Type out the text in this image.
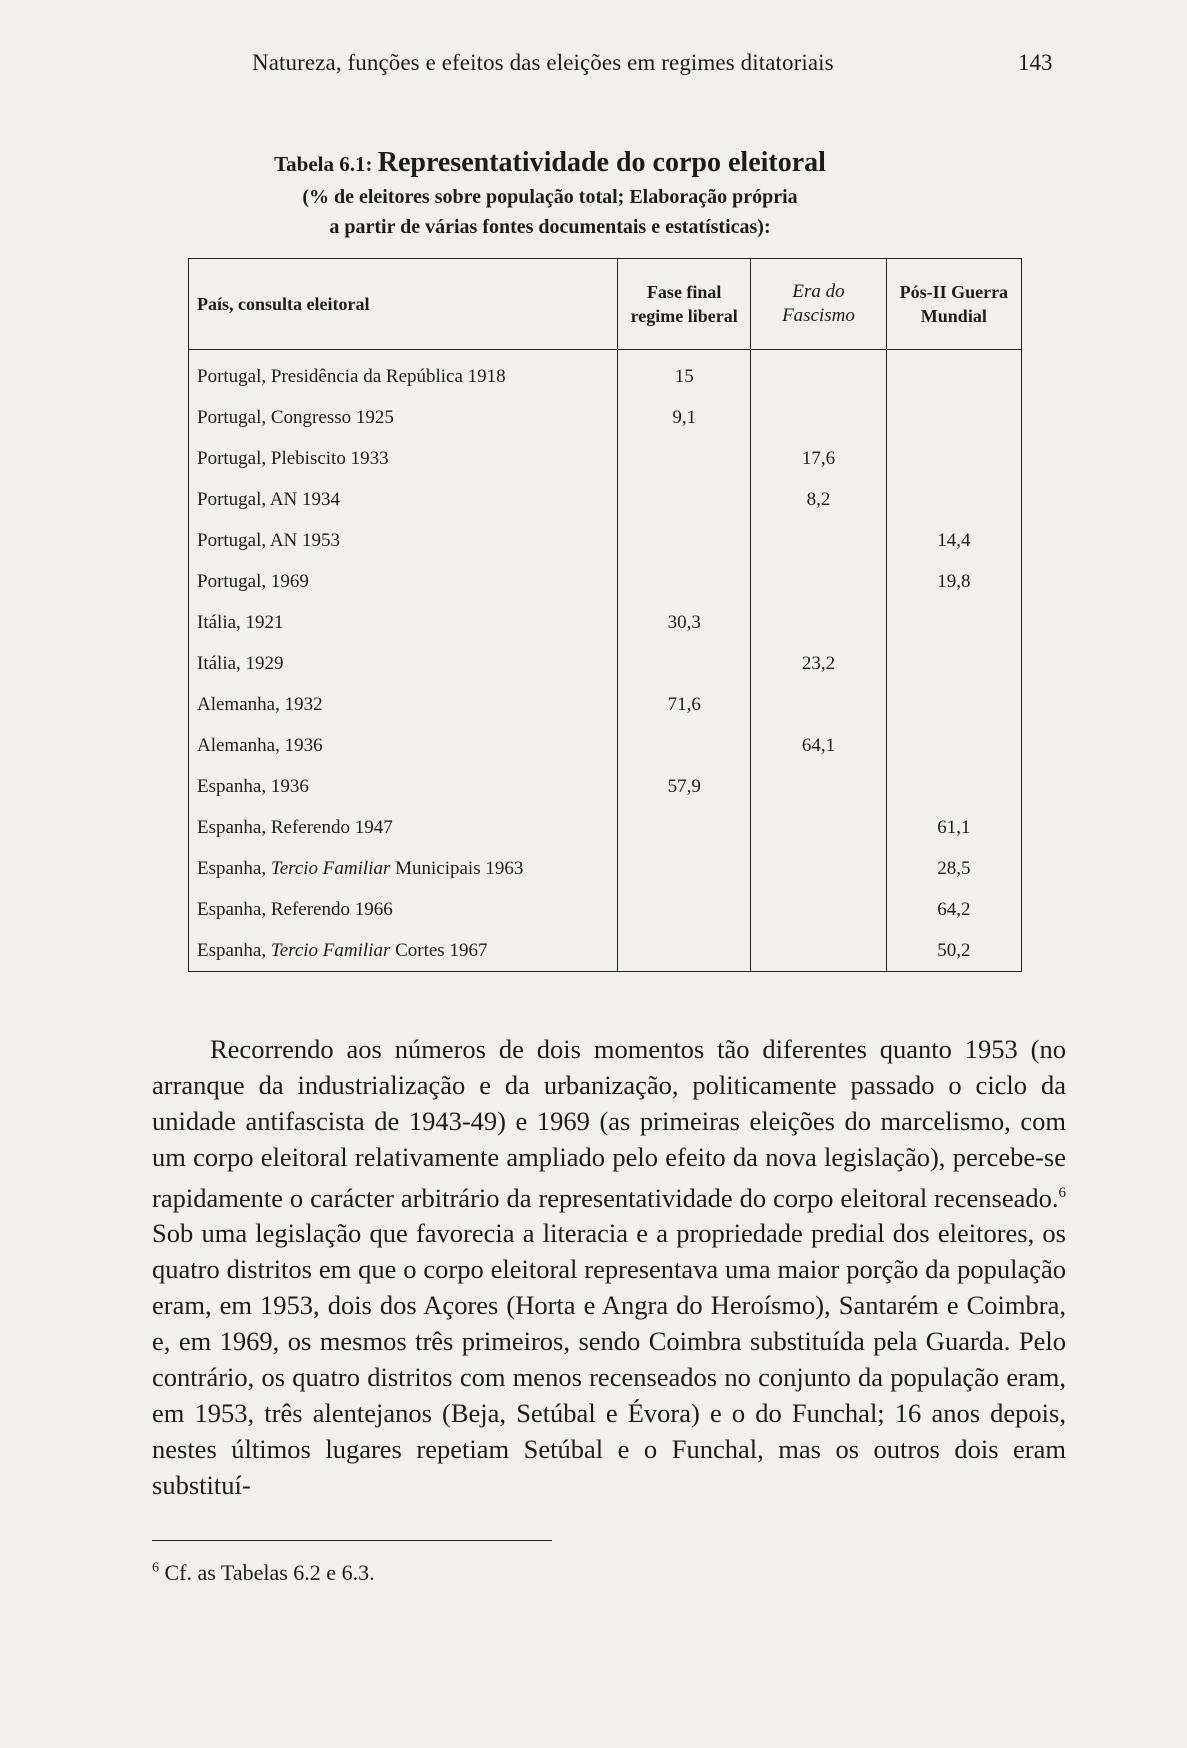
Natureza, funções e efeitos das eleições em regimes ditatoriais	143
Tabela 6.1: Representatividade do corpo eleitoral
(% de eleitores sobre população total; Elaboração própria
a partir de várias fontes documentais e estatísticas):
País, consulta eleitoral	Fase final regime liberal	Era do Fascismo	Pós-II Guerra Mundial
Portugal, Presidência da República 1918	15		
Portugal, Congresso 1925	9,1		
Portugal, Plebiscito 1933		17,6	
Portugal, AN 1934		8,2	
Portugal, AN 1953			14,4
Portugal, 1969			19,8
Itália, 1921	30,3		
Itália, 1929		23,2	
Alemanha, 1932	71,6		
Alemanha, 1936		64,1	
Espanha, 1936	57,9		
Espanha, Referendo 1947			61,1
Espanha, Tercio Familiar Municipais 1963			28,5
Espanha, Referendo 1966			64,2
Espanha, Tercio Familiar Cortes 1967			50,2

Recorrendo aos números de dois momentos tão diferentes quanto 1953 (no arranque da industrialização e da urbanização, politicamente passado o ciclo da unidade antifascista de 1943-49) e 1969 (as primeiras eleições do marcelismo, com um corpo eleitoral relativamente ampliado pelo efeito da nova legislação), percebe-se rapidamente o carácter arbitrário da representatividade do corpo eleitoral recenseado.$^6$ Sob uma legislação que favorecia a literacia e a propriedade predial dos eleitores, os quatro distritos em que o corpo eleitoral representava uma maior porção da população eram, em 1953, dois dos Açores (Horta e Angra do Heroísmo), Santarém e Coimbra, e, em 1969, os mesmos três primeiros, sendo Coimbra substituída pela Guarda. Pelo contrário, os quatro distritos com menos recenseados no conjunto da população eram, em 1953, três alentejanos (Beja, Setúbal e Évora) e o do Funchal; 16 anos depois, nestes últimos lugares repetiam Setúbal e o Funchal, mas os outros dois eram substituí-

$^6$ Cf. as Tabelas 6.2 e 6.3.
